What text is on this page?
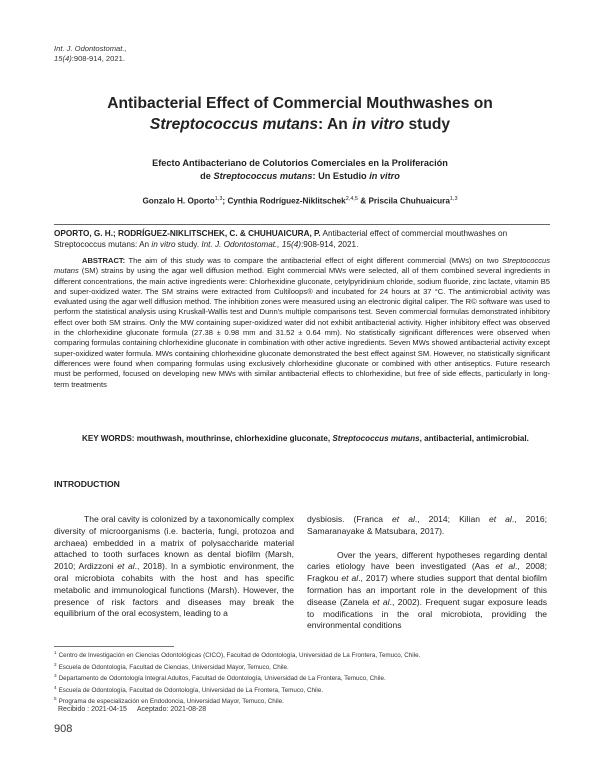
Int. J. Odontostomat.,
15(4):908-914, 2021.
Antibacterial Effect of Commercial Mouthwashes on
Streptococcus mutans: An in vitro study
Efecto Antibacteriano de Colutorios Comerciales en la Proliferación
de Streptococcus mutans: Un Estudio in vitro
Gonzalo H. Oporto$^{1,3}$; Cynthia Rodríguez-Niklitschek$^{2,4,5}$ & Priscila Chuhuaicura$^{1,3}$
OPORTO, G. H.; RODRÍGUEZ-NIKLITSCHEK, C. & CHUHUAICURA, P. Antibacterial effect of commercial mouthwashes on Streptococcus mutans: An in vitro study. Int. J. Odontostomat., 15(4):908-914, 2021.
ABSTRACT: The aim of this study was to compare the antibacterial effect of eight different commercial (MWs) on two Streptococcus mutans (SM) strains by using the agar well diffusion method. Eight commercial MWs were selected, all of them combined several ingredients in different concentrations, the main active ingredients were: Chlorhexidine gluconate, cetylpyridinium chloride, sodium fluoride, zinc lactate, vitamin B5 and super-oxidized water. The SM strains were extracted from Cultiloops® and incubated for 24 hours at 37 °C. The antimicrobial activity was evaluated using the agar well diffusion method. The inhibition zones were measured using an electronic digital caliper. The R© software was used to perform the statistical analysis using Kruskall-Wallis test and Dunn's multiple comparisons test. Seven commercial formulas demonstrated inhibitory effect over both SM strains. Only the MW containing super-oxidized water did not exhibit antibacterial activity. Higher inhibitory effect was observed in the chlorhexidine gluconate formula (27.38 ± 0.98 mm and 31.52 ± 0.64 mm). No statistically significant differences were observed when comparing formulas containing chlorhexidine gluconate in combination with other active ingredients. Seven MWs showed antibacterial activity except super-oxidized water formula. MWs containing chlorhexidine gluconate demonstrated the best effect against SM. However, no statistically significant differences were found when comparing formulas using exclusively chlorhexidine gluconate or combined with other antiseptics. Future research must be performed, focused on developing new MWs with similar antibacterial effects to chlorhexidine, but free of side effects, particularly in long-term treatments
KEY WORDS: mouthwash, mouthrinse, chlorhexidine gluconate, Streptococcus mutans, antibacterial, antimicrobial.
INTRODUCTION

The oral cavity is colonized by a taxonomically complex diversity of microorganisms (i.e. bacteria, fungi, protozoa and archaea) embedded in a matrix of polysaccharide material attached to tooth surfaces known as dental biofilm (Marsh, 2010; Ardizzoni et al., 2018). In a symbiotic environment, the oral microbiota cohabits with the host and has specific metabolic and immunological functions (Marsh). However, the presence of risk factors and diseases may break the equilibrium of the oral ecosystem, leading to a

dysbiosis. (Franca et al., 2014; Kilian et al., 2016; Samaranayake & Matsubara, 2017).

Over the years, different hypotheses regarding dental caries etiology have been investigated (Aas et al., 2008; Fragkou et al., 2017) where studies support that dental biofilm formation has an important role in the development of this disease (Zanela et al., 2002). Frequent sugar exposure leads to modifications in the oral microbiota, providing the environmental conditions

$^1$ Centro de Investigación en Ciencias Odontológicas (CICO), Facultad de Odontología, Universidad de La Frontera, Temuco, Chile.
$^2$ Escuela de Odontología, Facultad de Ciencias, Universidad Mayor, Temuco, Chile.
$^3$ Departamento de Odontología Integral Adultos, Facultad de Odontología, Universidad de La Frontera, Temuco, Chile.
$^4$ Escuela de Odontología, Facultad de Odontología, Universidad de La Frontera, Temuco, Chile.
$^5$ Programa de especialización en Endodoncia, Universidad Mayor, Temuco, Chile.
Recibido : 2021-04-15 Aceptado: 2021-08-28
908
